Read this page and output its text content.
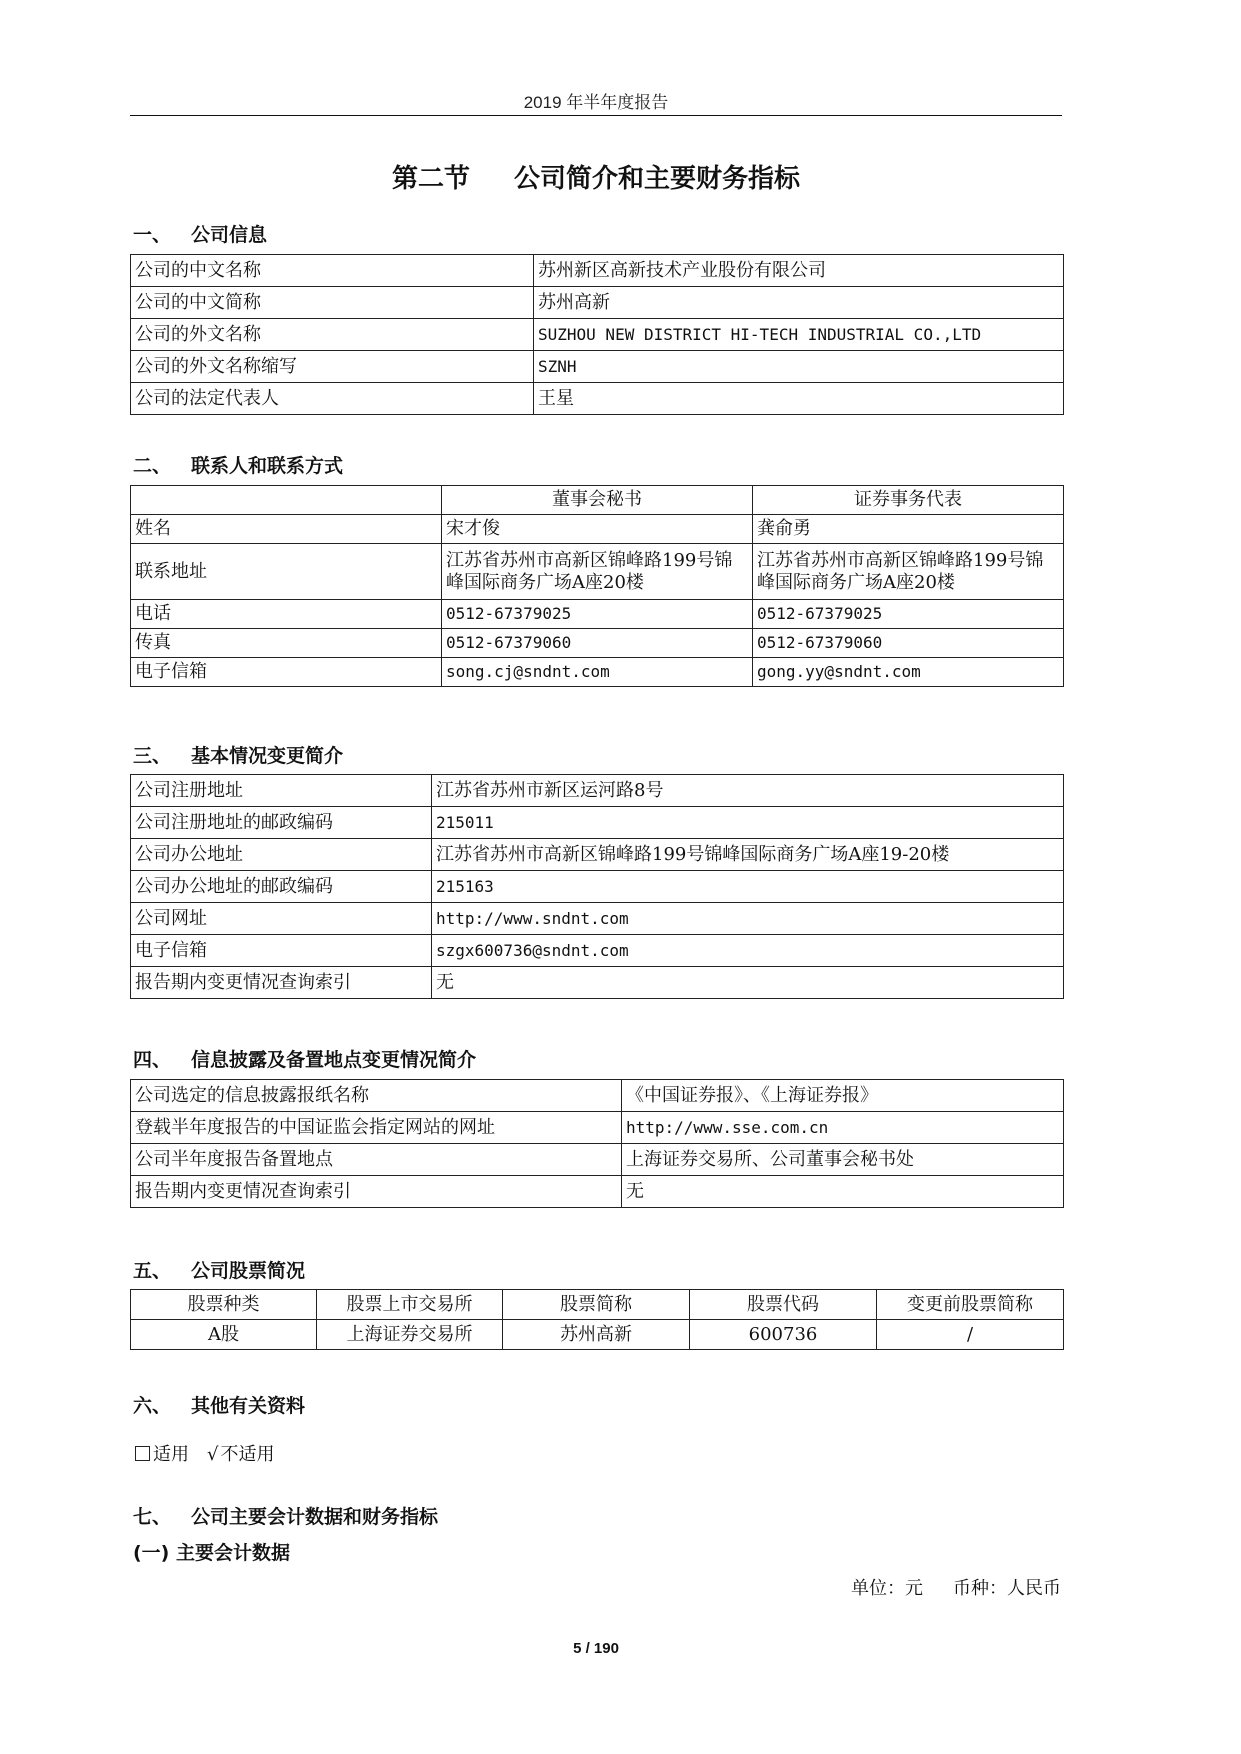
2019 年半年度报告
第二节 公司简介和主要财务指标
一、 公司信息
公司的中文名称	苏州新区高新技术产业股份有限公司
公司的中文简称	苏州高新
公司的外文名称	SUZHOU NEW DISTRICT HI-TECH INDUSTRIAL CO.,LTD
公司的外文名称缩写	SZNH
公司的法定代表人	王星
二、 联系人和联系方式
	董事会秘书	证券事务代表
姓名	宋才俊	龚俞勇
联系地址	江苏省苏州市高新区锦峰路199号锦峰国际商务广场A座20楼	江苏省苏州市高新区锦峰路199号锦峰国际商务广场A座20楼
电话	0512-67379025	0512-67379025
传真	0512-67379060	0512-67379060
电子信箱	song.cj@sndnt.com	gong.yy@sndnt.com
三、 基本情况变更简介
公司注册地址	江苏省苏州市新区运河路8号
公司注册地址的邮政编码	215011
公司办公地址	江苏省苏州市高新区锦峰路199号锦峰国际商务广场A座19-20楼
公司办公地址的邮政编码	215163
公司网址	http://www.sndnt.com
电子信箱	szgx600736@sndnt.com
报告期内变更情况查询索引	无
四、 信息披露及备置地点变更情况简介
公司选定的信息披露报纸名称	《中国证券报》、《上海证券报》
登载半年度报告的中国证监会指定网站的网址	http://www.sse.com.cn
公司半年度报告备置地点	上海证券交易所、公司董事会秘书处
报告期内变更情况查询索引	无
五、 公司股票简况
股票种类	股票上市交易所	股票简称	股票代码	变更前股票简称
A股	上海证券交易所	苏州高新	600736	/
六、 其他有关资料
适用 √ 不适用
七、 公司主要会计数据和财务指标
(一) 主要会计数据
单位：元 币种：人民币
5 / 190
